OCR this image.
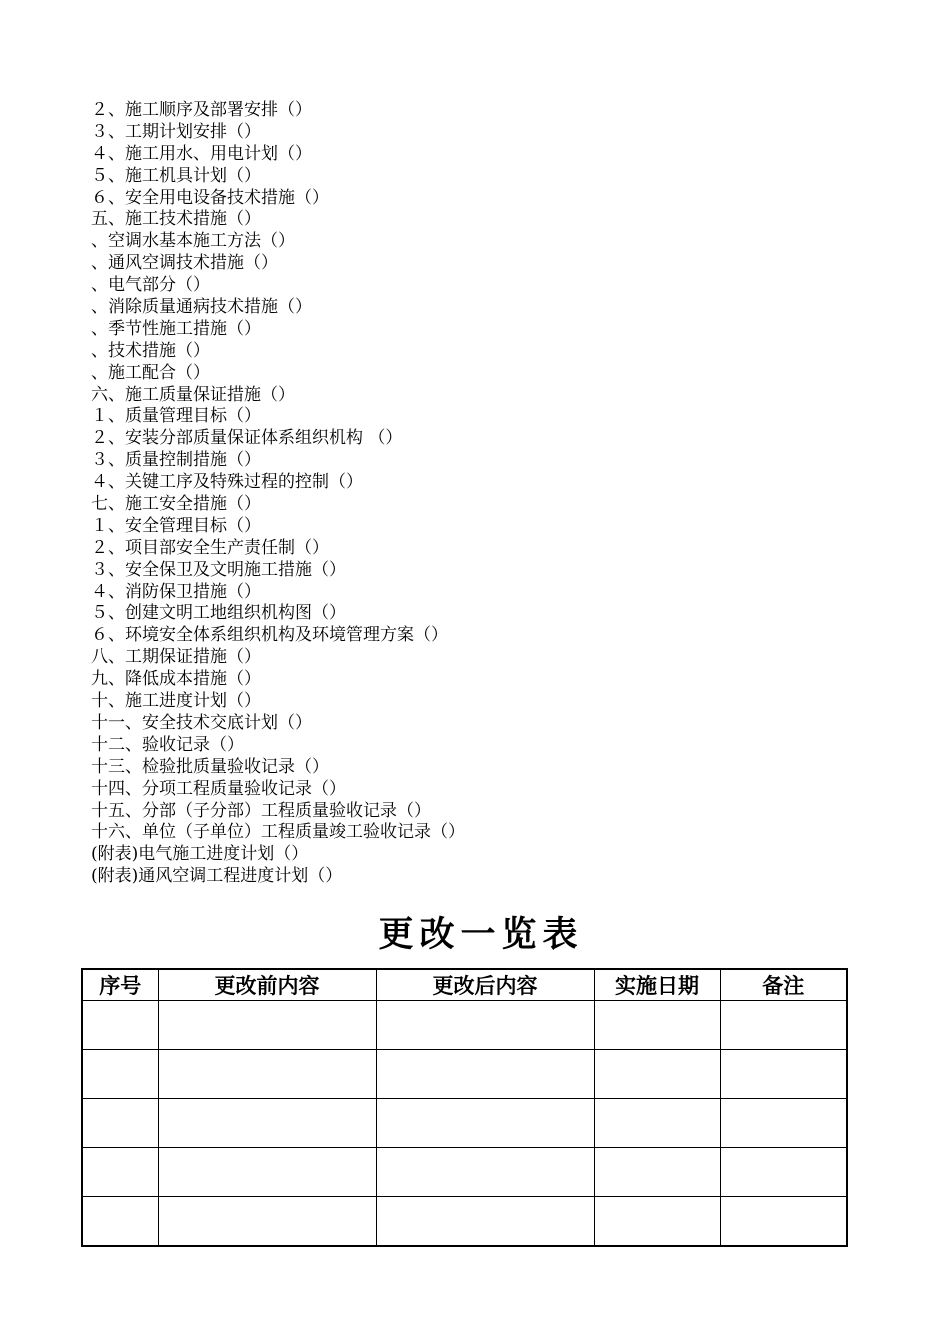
２、施工顺序及部署安排（）
３、工期计划安排（）
４、施工用水、用电计划（）
５、施工机具计划（）
６、安全用电设备技术措施（）
五、施工技术措施（）
、空调水基本施工方法（）
、通风空调技术措施（）
、电气部分（）
、消除质量通病技术措施（）
、季节性施工措施（）
、技术措施（）
、施工配合（）
六、施工质量保证措施（）
１、质量管理目标（）
２、安装分部质量保证体系组织机构 （）
３、质量控制措施（）
４、关键工序及特殊过程的控制（）
七、施工安全措施（）
１、安全管理目标（）
２、项目部安全生产责任制（）
３、安全保卫及文明施工措施（）
４、消防保卫措施（）
５、创建文明工地组织机构图（）
６、环境安全体系组织机构及环境管理方案（）
八、工期保证措施（）
九、降低成本措施（）
十、施工进度计划（）
十一、安全技术交底计划（）
十二、验收记录（）
十三、检验批质量验收记录（）
十四、分项工程质量验收记录（）
十五、分部（子分部）工程质量验收记录（）
十六、单位（子单位）工程质量竣工验收记录（）
(附表)电气施工进度计划（）
(附表)通风空调工程进度计划（）
更改一览表
序号	更改前内容	更改后内容	实施日期	备注
